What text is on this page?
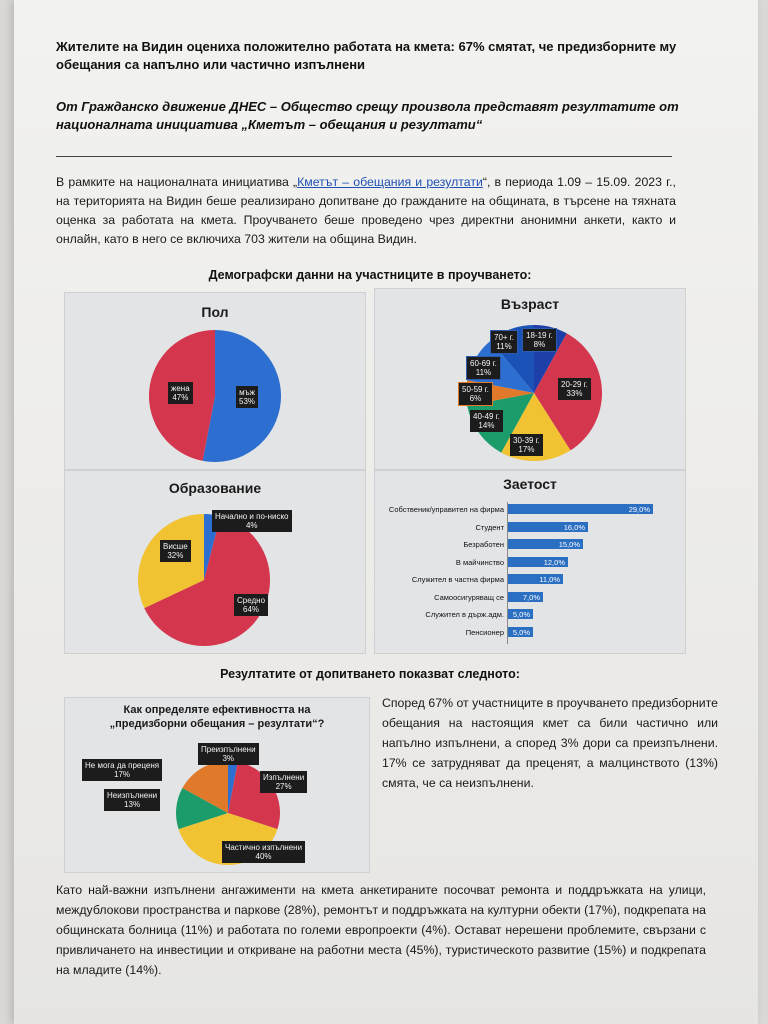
Жителите на Видин оцениха положително работата на кмета: 67% смятат, че предизборните му обещания са напълно или частично изпълнени
От Гражданско движение ДНЕС – Общество срещу произвола представят резултатите от националната инициатива „Кметът – обещания и резултати“
В рамките на националната инициатива „Кметът – обещания и резултати“, в периода 1.09 – 15.09. 2023 г., на територията на Видин беше реализирано допитване до гражданите на общината, в търсене на тяхната оценка за работата на кмета. Проучването беше проведено чрез директни анонимни анкети, както и онлайн, като в него се включиха 703 жители на община Видин.
Демографски данни на участниците в проучването:
Пол
жена
47%
мъж
53%
Възраст
18-19 г.
8%
70+ г.
11%
60-69 г.
11%
50-59 г.
6%
40-49 г.
14%
20-29 г.
33%
30-39 г.
17%
Образование
Начално и по-ниско
4%
Висше
32%
Средно
64%
Заетост
Собственик/управител на фирма	29,0%
Студент	16,0%
Безработен	15,0%
В майчинство	12,0%
Служител в частна фирма	11,0%
Самоосигуряващ се	7,0%
Служител в държ.адм. 5,0%
Пенсионер 5,0%
Резултатите от допитването показват следното:
Как определяте ефективността на „предизборни обещания – резултати“?
Преизпълнени
3%
Не мога да преценя
17%	Изпълнени
27%
Неизпълнени
13%
Частично изпълнени
40%
Според 67% от участниците в проучването предизборните обещания на настоящия кмет са били частично или напълно изпълнени, а според 3% дори са преизпълнени. 17% се затрудняват да преценят, а малцинството (13%) смята, че са неизпълнени.
Като най-важни изпълнени ангажименти на кмета анкетираните посочват ремонта и поддръжката на улици, междублокови пространства и паркове (28%), ремонтът и поддръжката на културни обекти (17%), подкрепата на общинската болница (11%) и работата по големи европроекти (4%). Остават нерешени проблемите, свързани с привличането на инвестиции и откриване на работни места (45%), туристическото развитие (15%) и подкрепата на младите (14%).
